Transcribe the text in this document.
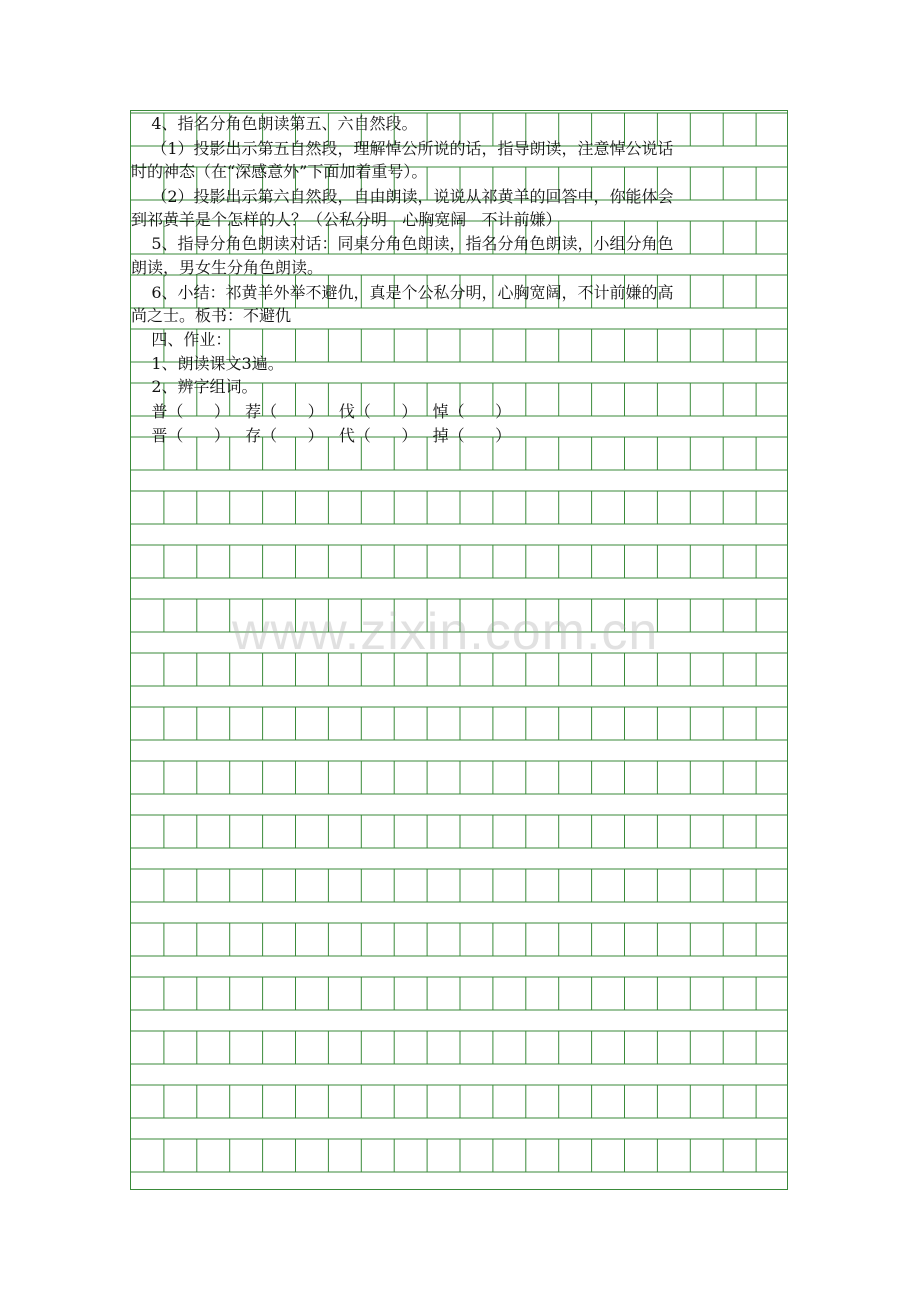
4、指名分角色朗读第五、六自然段。
（1）投影出示第五自然段，理解悼公所说的话，指导朗读，注意悼公说话
时的神态（在“深感意外”下面加着重号）。
（2）投影出示第六自然段，自由朗读，说说从祁黄羊的回答中，你能体会
到祁黄羊是个怎样的人？（公私分明   心胸宽阔   不计前嫌）
5、指导分角色朗读对话：同桌分角色朗读，指名分角色朗读，小组分角色
朗读，男女生分角色朗读。
6、小结：祁黄羊外举不避仇，真是个公私分明，心胸宽阔，不计前嫌的高
尚之士。板书：不避仇
四、作业：
1、朗读课文3遍。
2、辨字组词。
普（      ）   荐（      ）   伐（      ）   悼（      ）
晋（      ）   存（      ）   代（      ）   掉（      ）
www.zixin.com.cn
